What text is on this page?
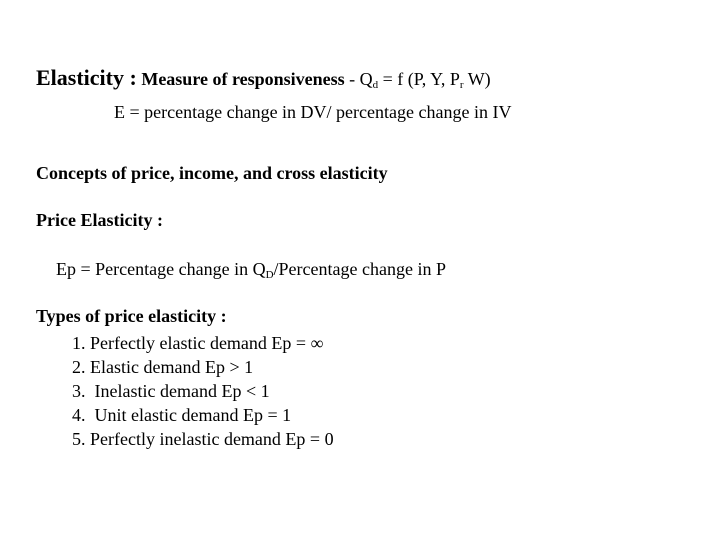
Elasticity : Measure of responsiveness - $Q_d = f$ (P, Y, $P_r$ W)
E = percentage change in DV/ percentage change in IV
Concepts of price, income, and cross elasticity
Price Elasticity :
Ep = Percentage change in $Q_D$/Percentage change in P
Types of price elasticity :
1. Perfectly elastic demand Ep = ∞
2. Elastic demand Ep > 1
3.  Inelastic demand Ep < 1
4.  Unit elastic demand Ep = 1
5. Perfectly inelastic demand Ep = 0
